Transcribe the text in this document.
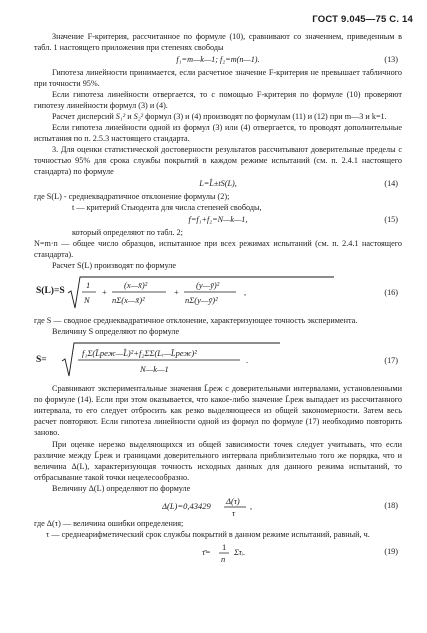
ГОСТ 9.045—75 С. 14

Значение F-критерия, рассчитанное по формуле (10), сравнивают со значением, приведенным в табл. 1 настоящего приложения при степенях свободы

f₁=m—k—1; f₂=m(n—1).	(13)

Гипотеза линейности принимается, если расчетное значение F-критерия не превышает табличного при точности 95%.

Если гипотеза линейности отвергается, то с помощью F-критерия по формуле (10) проверяют гипотезу линейности формул (3) и (4).

Расчет дисперсий S₁² и S₂² формул (3) и (4) производят по формулам (11) и (12) при m—3 и k=1.

Если гипотеза линейности одной из формул (3) или (4) отвергается, то проводят дополнительные испытания по п. 2.5.3 настоящего стандарта.

3. Для оценки статистической достоверности результатов рассчитывают доверительные пределы с точностью 95% для срока службы покрытий в каждом режиме испытаний (см. п. 2.4.1 настоящего стандарта) по формуле

L=L̂±tS(L),	(14)

где S(L) - среднеквадратичное отклонение формулы (2);

t — критерий Стьюдента для числа степеней свободы,

f=f₁+f₂=N—k—1,	(15)

который определяют по табл. 2;

N=m·n — общее число образцов, испытанное при всех режимах испытаний (см. п. 2.4.1 настоящего стандарта).

Расчет S(L) производят по формуле

S(L)=S
1
N
+
(x—x̄)²
nΣ(x—x̄)²
+
(y—ȳ)²
nΣ(y—ȳ)²
,	(16)

где S — сводное среднеквадратичное отклонение, характеризующее точность эксперимента.

Величину S определяют по формуле

S=
f₁Σ(L̄реж—L̂)²+f₂ΣΣ(Lᵢ—L̄реж)²
N—k—1
.	(17)

Сравнивают экспериментальные значения L̄реж с доверительными интервалами, установленными по формуле (14). Если при этом оказывается, что какое-либо значение L̄реж выпадает из рассчитанного интервала, то его следует отбросить как резко выделяющееся из общей закономерности. Затем весь расчет повторяют. Если гипотеза линейности одной из формул по формуле (17) необходимо повторить заново.

При оценке нерезко выделяющихся из общей зависимости точек следует учитывать, что если различие между L̄реж и границами доверительного интервала приблизительно того же порядка, что и величина Δ(L), характеризующая точность исходных данных для данного режима испытаний, то отбрасывание такой точки нецелесообразно.

Величину Δ(L) определяют по формуле

Δ(L)=0,43429 Δ(τ)
τ
,	(18)

где Δ(τ) — величина ошибки определения;

τ — среднеарифметический срок службы покрытий в данном режиме испытаний, равный, ч.

τ̄= 1
n
Στᵢ.	(19)
